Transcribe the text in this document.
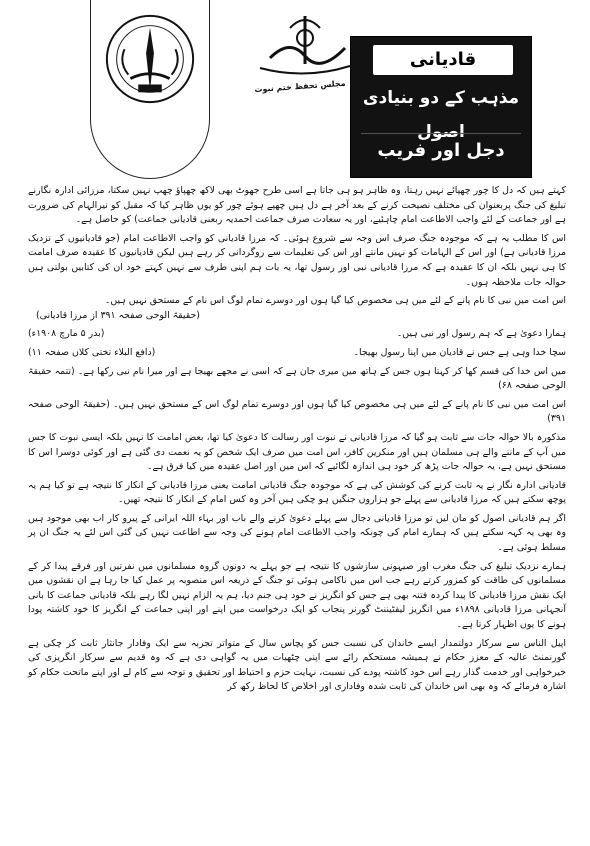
مجلس تحفظ ختم نبوت
قادیانی
مذہب کے دو بنیادی اصول
دجل اور فریب

کہتے ہیں کہ دل کا چور چھپائے نہیں رہتا، وہ ظاہر ہو ہی جاتا ہے اسی طرح جھوٹ بھی لاکھ چھپاؤ چھپ نہیں سکتا، مرزائی ادارہ نگارنے تبلیغ کی جنگ پربعنوان کی مختلف نصیحت کرنے کے بعد آخر ہے دل ہیں چھپے ہوئے چور کو یوں ظاہر کیا کہ مقبل کو نیرالہام کی ضرورت ہے اور جماعت کے لئے واجب الاطاعت امام چاہئیے، اور یہ سعادت صرف جماعت احمدیہ ربعنی قادیانی جماعت) کو حاصل ہے۔

اس کا مطلب یہ ہے کہ موجودہ جنگ صرف اس وجہ سے شروع ہوئی۔ کہ مرزا قادیانی کو واجب الاطاعت امام (جو قادیانیوں کے نزدیک مرزا قادیانی ہے) اور اس کے الہامات کو نہیں مانتے اور اس کی تعلیمات سے روگردانی کر رہے ہیں لیکن قادیانیوں کا عقیدہ صرف امامت کا ہی نہیں بلکہ ان کا عقیدہ ہے کہ مرزا قادیانی نبی اور رسول تھا، یہ بات ہم اپنی طرف سے نہیں کہتے خود ان کی کتابیں بولتی ہیں حوالہ جات ملاحظہ ہوں۔

اس امت میں نبی کا نام پانے کے لئے میں ہی مخصوص کیا گیا ہوں اور دوسرے تمام لوگ اس نام کے مستحق نہیں ہیں۔
(حقیقۃ الوحی صفحہ ۳۹۱ از مرزا قادیانی)

ہمارا دعویٰ ہے کہ ہم رسول اور نبی ہیں۔
(بدر ۵ مارچ ۱۹۰۸ء)

سچا خدا وہی ہے جس نے قادیان میں اپنا رسول بھیجا۔
(دافع البلاء تختی کلاں صفحہ ۱۱)

میں اس خدا کی قسم کھا کر کہتا ہوں جس کے ہاتھ میں میری جان ہے کہ اسی نے مجھے بھیجا ہے اور میرا نام نبی رکھا ہے۔ (تتمہ حقیقۃ الوحی صفحہ ۶۸)

اس امت میں نبی کا نام پانے کے لئے میں ہی مخصوص کیا گیا ہوں اور دوسرے تمام لوگ اس کے مستحق نہیں ہیں۔ (حقیقۃ الوحی صفحہ ۳۹۱)

مذکورہ بالا حوالہ جات سے ثابت ہو گیا کہ مرزا قادیانی نے نبوت اور رسالت کا دعویٰ کیا تھا، بعض امامت کا نہیں بلکہ ایسی نبوت کا جس میں آپ کے ماننے والے ہی مسلمان ہیں اور منکرین کافر، اس امت میں صرف ایک شخص کو یہ نعمت دی گئی ہے اور کوئی دوسرا اس کا مستحق نہیں ہے، یہ حوالہ جات پڑھ کر خود ہی اندازہ لگائیے کہ اس میں اور اصل عقیدہ میں کیا فرق ہے۔

قادیانی ادارہ نگار نے یہ ثابت کرنے کی کوشش کی ہے کہ موجودہ جنگ قادیانی امامت یعنی مرزا قادیانی کے انکار کا نتیجہ ہے تو کیا ہم یہ پوچھ سکتے ہیں کہ مرزا قادیانی سے پہلے جو ہزاروں جنگیں ہو چکی ہیں آخر وہ کس امام کے انکار کا نتیجہ تھیں۔

اگر ہم قادیانی اصول کو مان لیں تو مرزا قادیانی دجال سے پہلے دعویٰ کرنے والے باب اور بہاء اللہ ایرانی کے پیرو کار اب بھی موجود ہیں وہ بھی یہ کہہ سکتے ہیں کہ ہمارے امام کی چونکہ واجب الاطاعت امام ہونے کی وجہ سے اطاعت نہیں کی گئی اس لئے یہ جنگ ان پر مسلط ہوئی ہے۔

ہمارے نزدیک تبلیغ کی جنگ مغرب اور صیہونی سازشوں کا نتیجہ ہے جو پہلے یہ دونوں گروہ مسلمانوں میں نفرتیں اور فرقے پیدا کر کے مسلمانوں کی طاقت کو کمزور کرتے رہے جب اس میں ناکامی ہوئی تو جنگ کے ذریعہ اس منصوبہ پر عمل کیا جا رہا ہے ان نقشوں میں ایک نقش مرزا قادیانی کا پیدا کردہ فتنہ بھی ہے جس کو انگریز نے خود ہی جنم دیا، ہم یہ الزام نہیں لگا رہے بلکہ قادیانی جماعت کا بانی آنجہانی مرزا قادیانی ۱۸۹۸ء میں انگریز لیفٹیننٹ گورنر پنجاب کو ایک درخواست میں اپنے اور اپنی جماعت کے انگریز کا خود کاشتہ پودا ہونے کا یوں اظہار کرتا ہے۔

اپیل الناس سے سرکار دولتمدار ایسے خاندان کی نسبت جس کو پچاس سال کے متواتر تجربہ سے ایک وفادار جانثار ثابت کر چکی ہے گورنمنٹ عالیہ کے معزز حکام نے ہمیشہ مستحکم رائے سے اپنی چٹھیات میں یہ گواہی دی ہے کہ وہ قدیم سے سرکار انگریزی کی خیرخواہی اور خدمت گذار رہے اس خود کاشتہ پودے کی نسبت، نہایت حزم و احتیاط اور تحقیق و توجہ سے کام لے اور اپنے ماتحت حکام کو اشارہ فرمائے کہ وہ بھی اس خاندان کی ثابت شدہ وفاداری اور اخلاص کا لحاظ رکھ کر
